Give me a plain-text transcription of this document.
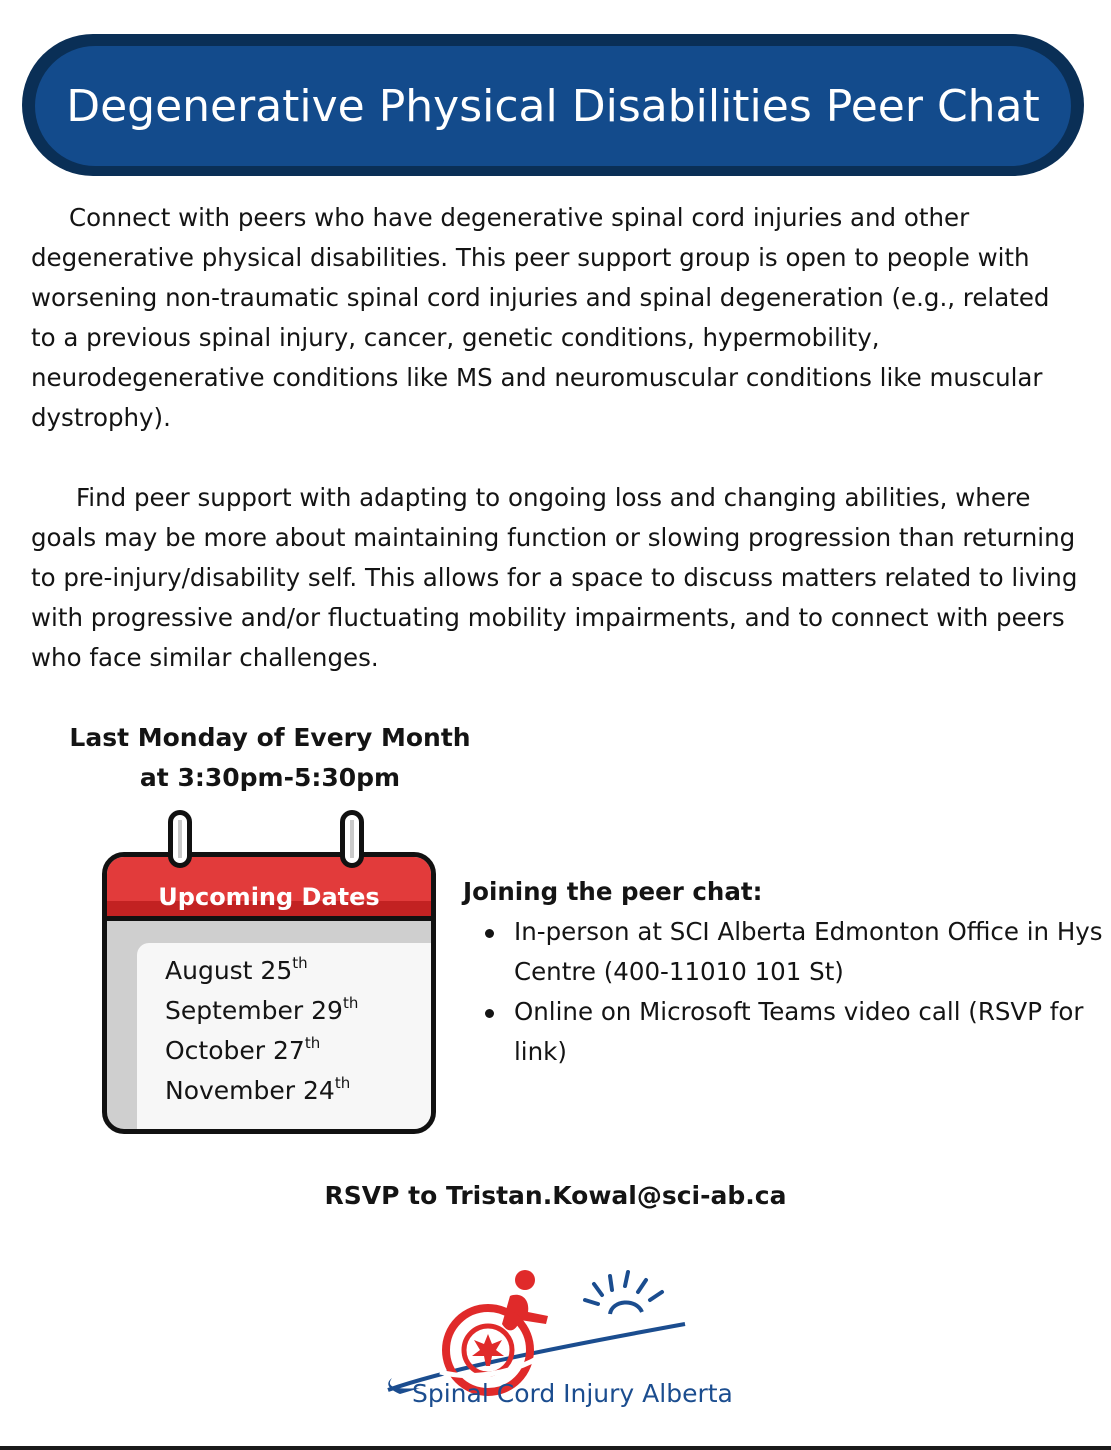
Degenerative Physical Disabilities Peer Chat

Connect with peers who have degenerative spinal cord injuries and other degenerative physical disabilities. This peer support group is open to people with worsening non-traumatic spinal cord injuries and spinal degeneration (e.g., related to a previous spinal injury, cancer, genetic conditions, hypermobility, neurodegenerative conditions like MS and neuromuscular conditions like muscular dystrophy).

Find peer support with adapting to ongoing loss and changing abilities, where goals may be more about maintaining function or slowing progression than returning to pre-injury/disability self. This allows for a space to discuss matters related to living with progressive and/or fluctuating mobility impairments, and to connect with peers who face similar challenges.

Last Monday of Every Month
at 3:30pm-5:30pm
Upcoming Dates
August 25th
September 29th
October 27th
November 24th
Joining the peer chat:
In-person at SCI Alberta Edmonton Office in Hys Centre (400-11010 101 St)
Online on Microsoft Teams video call (RSVP for link)
RSVP to Tristan.Kowal@sci-ab.ca
Spinal Cord Injury Alberta
